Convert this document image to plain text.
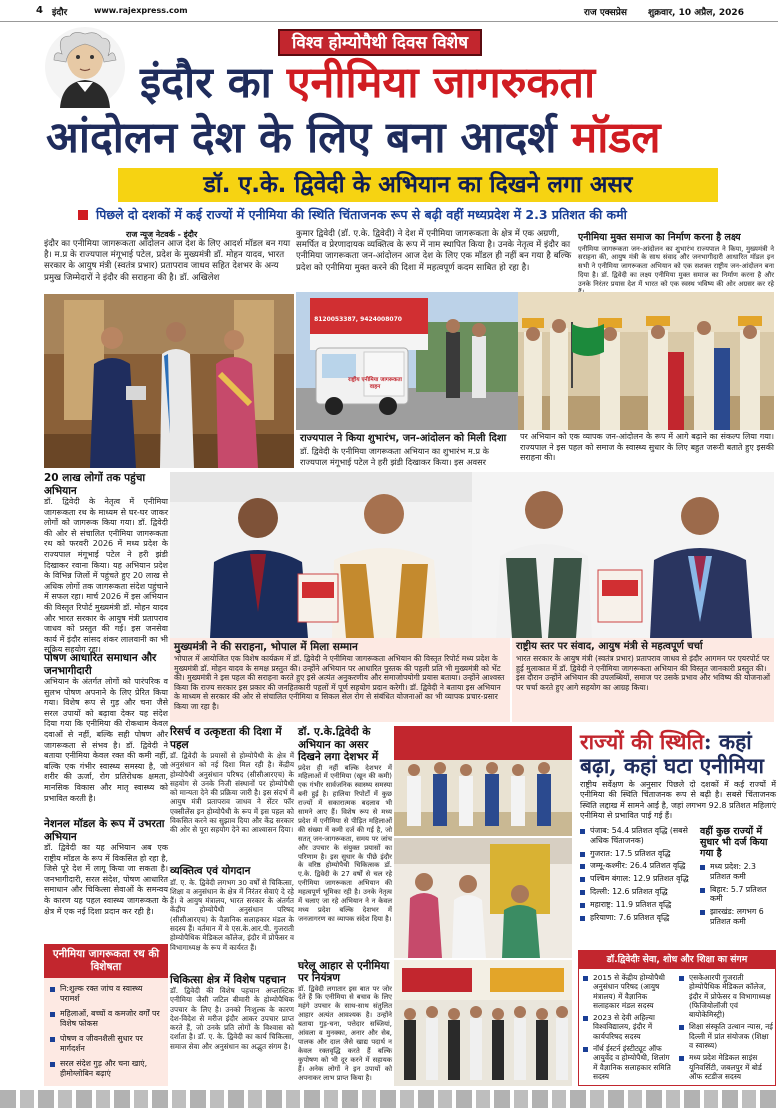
4 इंदौर	www.rajexpress.com	राज एक्सप्रेस शुक्रवार, 10 अप्रैल, 2026
विश्व होम्योपैथी दिवस विशेष
इंदौर का एनीमिया जागरुकता
आंदोलन देश के लिए बना आदर्श मॉडल
डॉ. ए.के. द्विवेदी के अभियान का दिखने लगा असर
पिछले दो दशकों में कई राज्यों में एनीमिया की स्थिति चिंताजनक रूप से बढ़ी वहीं मध्यप्रदेश में 2.3 प्रतिशत की कमी
राज न्यूज नेटवर्क - इंदौर
इंदौर का एनीमिया जागरूकता आंदोलन आज देश के लिए आदर्श मॉडल बन गया है। म.प्र के राज्यपाल मंगूभाई पटेल, प्रदेश के मुख्यमंत्री डॉ. मोहन यादव, भारत सरकार के आयुष मंत्री (स्वतंत्र प्रभार) प्रतापराव जाधव सहित देशभर के अन्य प्रमुख जिम्मेदारों ने इंदौर की सराहना की है। डॉ. अखिलेश
कुमार द्विवेदी (डॉ. ए.के. द्विवेदी) ने देश में एनीमिया जागरूकता के क्षेत्र में एक अग्रणी, समर्पित व प्रेरणादायक व्यक्तित्व के रूप में नाम स्थापित किया है। उनके नेतृत्व में इंदौर का एनीमिया जागरूकता जन-आंदोलन आज देश के लिए एक मॉडल ही नहीं बन गया है बल्कि प्रदेश को एनीमिया मुक्त करने की दिशा में महत्वपूर्ण कदम साबित हो रहा है।
एनीमिया मुक्त समाज का निर्माण करना है लक्ष्य
एनीमिया जागरूकता जन-आंदोलन का शुभारंभ राज्यपाल ने किया, मुख्यमंत्री ने सराहना की, आयुष मंत्री के साथ संवाद और जनभागीदारी आधारित मॉडल इन सभी ने एनीमिया जागरूकता अभियान को एक सशक्त राष्ट्रीय जन-आंदोलन बना दिया है। डॉ. द्विवेदी का लक्ष्य एनीमिया मुक्त समाज का निर्माण करना है और उनके निरंतर प्रयास देश में भारत को एक स्वस्थ भविष्य की ओर अग्रसर कर रहे
8120053387, 9424008070
राष्ट्रीय एनीमिया जागरूकता वाहन
राज्यपाल ने किया शुभारंभ, जन-आंदोलन को मिली दिशा
डॉ. द्विवेदी के एनीमिया जागरूकता अभियान का शुभारंभ म.प्र के राज्यपाल मंगूभाई पटेल ने हरी झंडी दिखाकर किया। इस अवसर
पर अभियान को एक व्यापक जन-आंदोलन के रूप में आगे बढ़ाने का संकल्प लिया गया। राज्यपाल ने इस पहल को समाज के स्वास्थ्य सुधार के लिए बहुत जरूरी बताते हुए इसकी सराहना की।
20 लाख लोगों तक पहुंचा अभियान
डॉ. द्विवेदी के नेतृत्व में एनीमिया जागरूकता रथ के माध्यम से घर-घर जाकर लोगों को जागरूक किया गया। डॉ. द्विवेदी की ओर से संचालित एनीमिया जागरूकता रथ को फरवरी 2026 में मध्य प्रदेश के राज्यपाल मंगूभाई पटेल ने हरी झंडी दिखाकर रवाना किया। यह अभियान प्रदेश के विभिन्न जिलों में पहुंचते हुए 20 लाख से अधिक लोगों तक जागरूकता संदेश पहुंचाने में सफल रहा। मार्च 2026 में इस अभियान की विस्तृत रिपोर्ट मुख्यमंत्री डॉ. मोहन यादव और भारत सरकार के आयुष मंत्री प्रतापराव जाधव को प्रस्तुत की गई। इस जनसेवा कार्य में इंदौर सांसद शंकर लालवानी का भी सक्रिय सहयोग रहा।
पोषण आधारित समाधान और जनभागीदारी
अभियान के अंतर्गत लोगों को पारंपरिक व सुलभ पोषण अपनाने के लिए प्रेरित किया गया। विशेष रूप से गुड़ और चना जैसे सरल उपायों को बढ़ावा देकर यह संदेश दिया गया कि एनीमिया की रोकथाम केवल दवाओं से नहीं, बल्कि सही पोषण और जागरूकता से संभव है। डॉ. द्विवेदी ने बताया एनीमिया केवल रक्त की कमी नहीं, बल्कि एक गंभीर स्वास्थ्य समस्या है, जो शरीर की ऊर्जा, रोग प्रतिरोधक क्षमता, मानसिक विकास और मातृ स्वास्थ्य को प्रभावित करती है।
नेशनल मॉडल के रूप में उभरता अभियान
डॉ. द्विवेदी का यह अभियान अब एक राष्ट्रीय मॉडल के रूप में विकसित हो रहा है, जिसे पूरे देश में लागू किया जा सकता है। जनभागीदारी, सरल संदेश, पोषण आधारित समाधान और चिकित्सा सेवाओं के समन्वय के कारण यह पहल स्वास्थ्य जागरूकता के क्षेत्र में एक नई दिशा प्रदान कर रही है।
एनीमिया जागरूकता रथ की विशेषता
नि:शुल्क रक्त जांच व स्वास्थ्य परामर्श
महिलाओं, बच्चों व कमजोर वर्गों पर विशेष फोकस
पोषण व जीवनशैली सुधार पर मार्गदर्शन
सरल संदेश गुड़ और चना खाएं, हीमोग्लोबिन बढ़ाएं
मुख्यमंत्री ने की सराहना, भोपाल में मिला सम्मान
भोपाल में आयोजित एक विशेष कार्यक्रम में डॉ. द्विवेदी ने एनीमिया जागरूकता अभियान की विस्तृत रिपोर्ट मध्य प्रदेश के मुख्यमंत्री डॉ. मोहन यादव के समक्ष प्रस्तुत की। उन्होंने अभियान पर आधारित पुस्तक की पहली प्रति भी मुख्यमंत्री को भेंट की। मुख्यमंत्री ने इस पहल की सराहना करते हुए इसे अत्यंत अनुकरणीय और समाजोपयोगी प्रयास बताया। उन्होंने आश्वस्त किया कि राज्य सरकार इस प्रकार की जनहितकारी पहलों में पूर्ण सहयोग प्रदान करेगी। डॉ. द्विवेदी ने बताया इस अभियान के माध्यम से सरकार की ओर से संचालित एनीमिया व सिकल सेल रोग से संबंधित योजनाओं का भी व्यापक प्रचार-प्रसार किया जा रहा है।
राष्ट्रीय स्तर पर संवाद, आयुष मंत्री से महत्वपूर्ण चर्चा
भारत सरकार के आयुष मंत्री (स्वतंत्र प्रभार) प्रतापराव जाधव से इंदौर आगमन पर एयरपोर्ट पर हुई मुलाकात में डॉ. द्विवेदी ने एनीमिया जागरूकता अभियान की विस्तृत जानकारी प्रस्तुत की। इस दौरान उन्होंने अभियान की उपलब्धियों, समाज पर उसके प्रभाव और भविष्य की योजनाओं पर चर्चा करते हुए आगे सहयोग का आग्रह किया।
रिसर्च व उत्कृष्टता की दिशा में पहल
डॉ. द्विवेदी के प्रयासों से होम्योपैथी के क्षेत्र में अनुसंधान को नई दिशा मिल रही है। केंद्रीय होम्योपैथी अनुसंधान परिषद (सीसीआरएच) के सहयोग से उनके निजी संस्थानों पर होम्योपैथी को मान्यता देने की प्रक्रिया जारी है। इस संदर्भ में आयुष मंत्री प्रतापराव जाधव ने सेंटर फॉर एक्सीलेंस इन होम्योपैथी के रूप में इस पहल को विकसित करने का सुझाव दिया और केंद्र सरकार की ओर से पूरा सहयोग देने का आश्वासन दिया।
व्यक्तित्व एवं योगदान
डॉ. ए. के. द्विवेदी लगभग 30 वर्षों से चिकित्सा, शिक्षा व अनुसंधान के क्षेत्र में निरंतर सेवाएं दे रहे हैं। वे आयुष मंत्रालय, भारत सरकार के अंतर्गत केंद्रीय होम्योपैथी अनुसंधान परिषद (सीसीआरएच) के वैज्ञानिक सलाहकार मंडल के सदस्य हैं। वर्तमान में वे एस.के.आर.पी. गुजराती होम्योपैथिक मेडिकल कॉलेज, इंदौर में प्रोफेसर व विभागाध्यक्ष के रूप में कार्यरत हैं।
चिकित्सा क्षेत्र में विशेष पहचान
डॉ. द्विवेदी की विशेष पहचान अप्लास्टिक एनीमिया जैसी जटिल बीमारी के होम्योपैथिक उपचार के लिए है। उनको निःशुल्क के कारण देश-विदेश से मरीज इंदौर आकर उपचार प्राप्त करते हैं, जो उनके प्रति लोगों के विश्वास को दर्शाता है। डॉ. ए. के. द्विवेदी का कार्य चिकित्सा, समाज सेवा और अनुसंधान का अद्भुत संगम है।
डॉ. ए.के.द्विवेदी के अभियान का असर दिखने लगा देशभर में
प्रदेश ही नहीं बल्कि देशभर में महिलाओं में एनीमिया (खून की कमी) एक गंभीर सार्वजनिक स्वास्थ्य समस्या बनी हुई है। हालिया रिपोर्टों में कुछ राज्यों में सकारात्मक बदलाव भी सामने आए हैं। विशेष रूप से मध्य प्रदेश में एनीमिया से पीड़ित महिलाओं की संख्या में कमी दर्ज की गई है, जो सतत् जन-जागरूकता, समय पर जांच और उपचार के संयुक्त प्रयासों का परिणाम है। इस सुधार के पीछे इंदौर के वरिष्ठ होम्योपैथी चिकित्सक डॉ. ए.के. द्विवेदी के 27 वर्षों से चल रहे एनीमिया जागरूकता अभियान की महत्वपूर्ण भूमिका रही है। उनके नेतृत्व में चलाए जा रहे अभियान ने न केवल मध्य प्रदेश बल्कि देशभर में जनजागरण का व्यापक संदेश दिया है।
घरेलू आहार से एनीमिया पर नियंत्रण
डॉ. द्विवेदी लगातार इस बात पर जोर देते हैं कि एनीमिया से बचाव के लिए महंगे उपचार के साथ-साथ संतुलित आहार अत्यंत आवश्यक है। उन्होंने बताया गुड़-चना, पत्तेदार सब्जियां, आंवला व मुनक्का, अनार और सेब, पालक और दाल जैसे खाद्य पदार्थ न केवल रक्तवृद्धि करते हैं बल्कि कुपोषण को भी दूर करने में सहायक हैं। अनेक लोगों ने इन उपायों को अपनाकर लाभ प्राप्त किया है।
राज्यों की स्थिति: कहां बढ़ा, कहां घटा एनीमिया
राष्ट्रीय सर्वेक्षण के अनुसार पिछले दो दशकों में कई राज्यों में एनीमिया की स्थिति चिंताजनक रूप से बढ़ी है। सबसे चिंताजनक स्थिति लद्दाख में सामने आई है, जहां लगभग 92.8 प्रतिशत महिलाएं एनीमिया से प्रभावित पाई गई हैं।
पंजाब: 54.4 प्रतिशत वृद्धि (सबसे अधिक चिंताजनक)
गुजरात: 17.5 प्रतिशत वृद्धि
जम्मू-कश्मीर: 26.4 प्रतिशत वृद्धि
पश्चिम बंगाल: 12.9 प्रतिशत वृद्धि
दिल्ली: 12.6 प्रतिशत वृद्धि
महाराष्ट्र: 11.9 प्रतिशत वृद्धि
हरियाणा: 7.6 प्रतिशत वृद्धि
वहीं कुछ राज्यों में सुधार भी दर्ज किया गया है
मध्य प्रदेश: 2.3 प्रतिशत कमी
बिहार: 5.7 प्रतिशत कमी
झारखंड: लगभग 6 प्रतिशत कमी
डॉ.द्विवेदीः सेवा, शोध और शिक्षा का संगम
2015 से केंद्रीय होम्योपैथी अनुसंधान परिषद (आयुष मंत्रालय) में वैज्ञानिक सलाहकार मंडल सदस्य
2023 से देवी अहिल्या विश्वविद्यालय, इंदौर में कार्यपरिषद सदस्य
नॉर्थ ईस्टर्न इंस्टीट्यूट ऑफ आयुर्वेद व होम्योपैथी, शिलांग में वैज्ञानिक सलाहकार समिति सदस्य
एसकेआरपी गुजराती होम्योपैथिक मेडिकल कॉलेज, इंदौर में प्रोफेसर व विभागाध्यक्ष (फिजियोलॉजी एवं बायोकेमिस्ट्री)
शिक्षा संस्कृति उत्थान न्यास, नई दिल्ली में प्रांत संयोजक (शिक्षा व स्वास्थ्य)
मध्य प्रदेश मेडिकल साइंस यूनिवर्सिटी, जबलपुर में बोर्ड ऑफ स्टडीज सदस्य
